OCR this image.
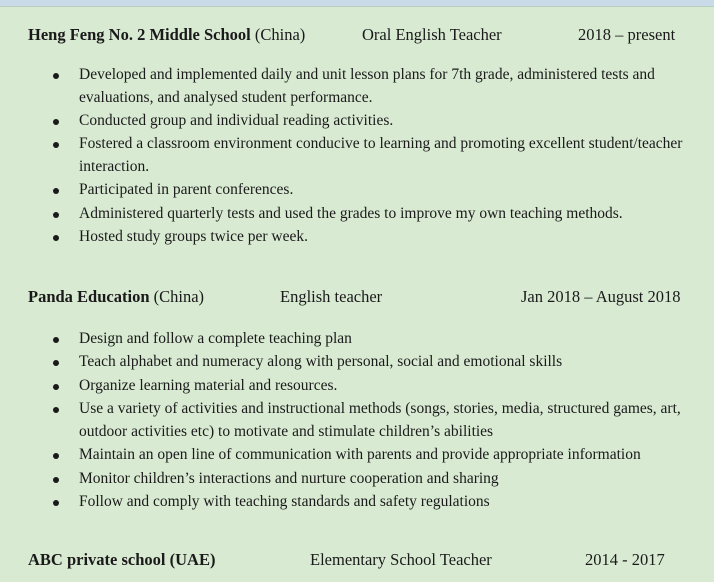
Heng Feng No. 2 Middle School (China)	Oral English Teacher	2018 – present
Developed and implemented daily and unit lesson plans for 7th grade, administered tests and evaluations, and analysed student performance.
Conducted group and individual reading activities.
Fostered a classroom environment conducive to learning and promoting excellent student/teacher interaction.
Participated in parent conferences.
Administered quarterly tests and used the grades to improve my own teaching methods.
Hosted study groups twice per week.
Panda Education (China)	English teacher	Jan 2018 – August 2018
Design and follow a complete teaching plan
Teach alphabet and numeracy along with personal, social and emotional skills
Organize learning material and resources.
Use a variety of activities and instructional methods (songs, stories, media, structured games, art, outdoor activities etc) to motivate and stimulate children’s abilities
Maintain an open line of communication with parents and provide appropriate information
Monitor children’s interactions and nurture cooperation and sharing
Follow and comply with teaching standards and safety regulations
ABC private school (UAE)	Elementary School Teacher	2014 - 2017
